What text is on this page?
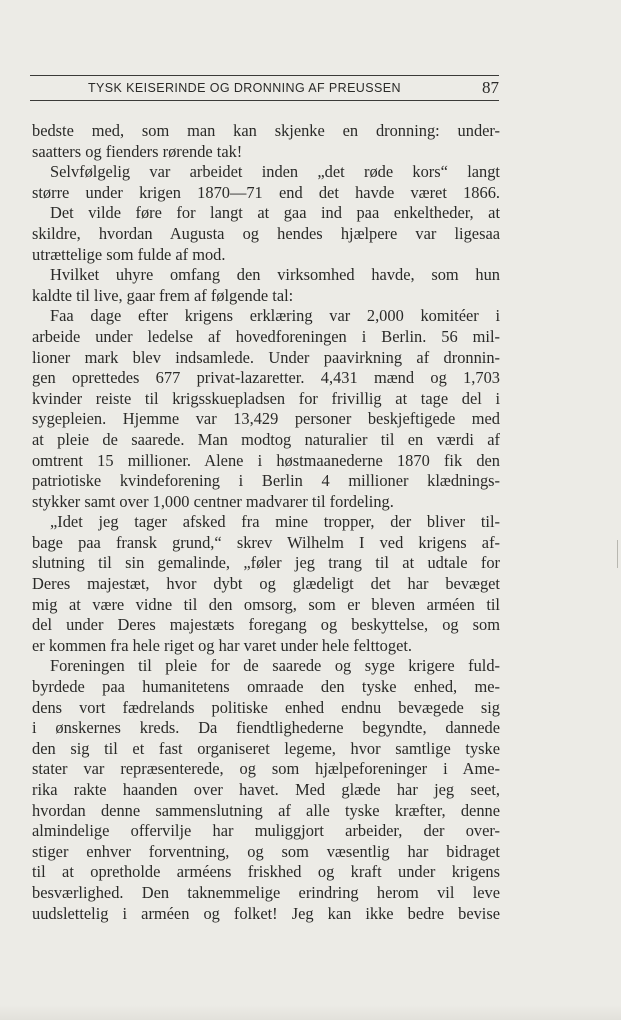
TYSK KEISERINDE OG DRONNING AF PREUSSEN	87
bedste med, som man kan skjenke en dronning: under-
saatters og fienders rørende tak!
Selvfølgelig var arbeidet inden „det røde kors“ langt
større under krigen 1870—71 end det havde været 1866.
Det vilde føre for langt at gaa ind paa enkeltheder, at
skildre, hvordan Augusta og hendes hjælpere var ligesaa
utrættelige som fulde af mod.
Hvilket uhyre omfang den virksomhed havde, som hun
kaldte til live, gaar frem af følgende tal:
Faa dage efter krigens erklæring var 2,000 komitéer i
arbeide under ledelse af hovedforeningen i Berlin. 56 mil-
lioner mark blev indsamlede. Under paavirkning af dronnin-
gen oprettedes 677 privat-lazaretter. 4,431 mænd og 1,703
kvinder reiste til krigsskuepladsen for frivillig at tage del i
sygepleien. Hjemme var 13,429 personer beskjeftigede med
at pleie de saarede. Man modtog naturalier til en værdi af
omtrent 15 millioner. Alene i høstmaanederne 1870 fik den
patriotiske kvindeforening i Berlin 4 millioner klædnings-
stykker samt over 1,000 centner madvarer til fordeling.
„Idet jeg tager afsked fra mine tropper, der bliver til-
bage paa fransk grund,“ skrev Wilhelm I ved krigens af-
slutning til sin gemalinde, „føler jeg trang til at udtale for
Deres majestæt, hvor dybt og glædeligt det har bevæget
mig at være vidne til den omsorg, som er bleven arméen til
del under Deres majestæts foregang og beskyttelse, og som
er kommen fra hele riget og har varet under hele felttoget.
Foreningen til pleie for de saarede og syge krigere fuld-
byrdede paa humanitetens omraade den tyske enhed, me-
dens vort fædrelands politiske enhed endnu bevægede sig
i ønskernes kreds. Da fiendtlighederne begyndte, dannede
den sig til et fast organiseret legeme, hvor samtlige tyske
stater var repræsenterede, og som hjælpeforeninger i Ame-
rika rakte haanden over havet. Med glæde har jeg seet,
hvordan denne sammenslutning af alle tyske kræfter, denne
almindelige offervilje har muliggjort arbeider, der over-
stiger enhver forventning, og som væsentlig har bidraget
til at opretholde arméens friskhed og kraft under krigens
besværlighed. Den taknemmelige erindring herom vil leve
uudslettelig i arméen og folket! Jeg kan ikke bedre bevise
